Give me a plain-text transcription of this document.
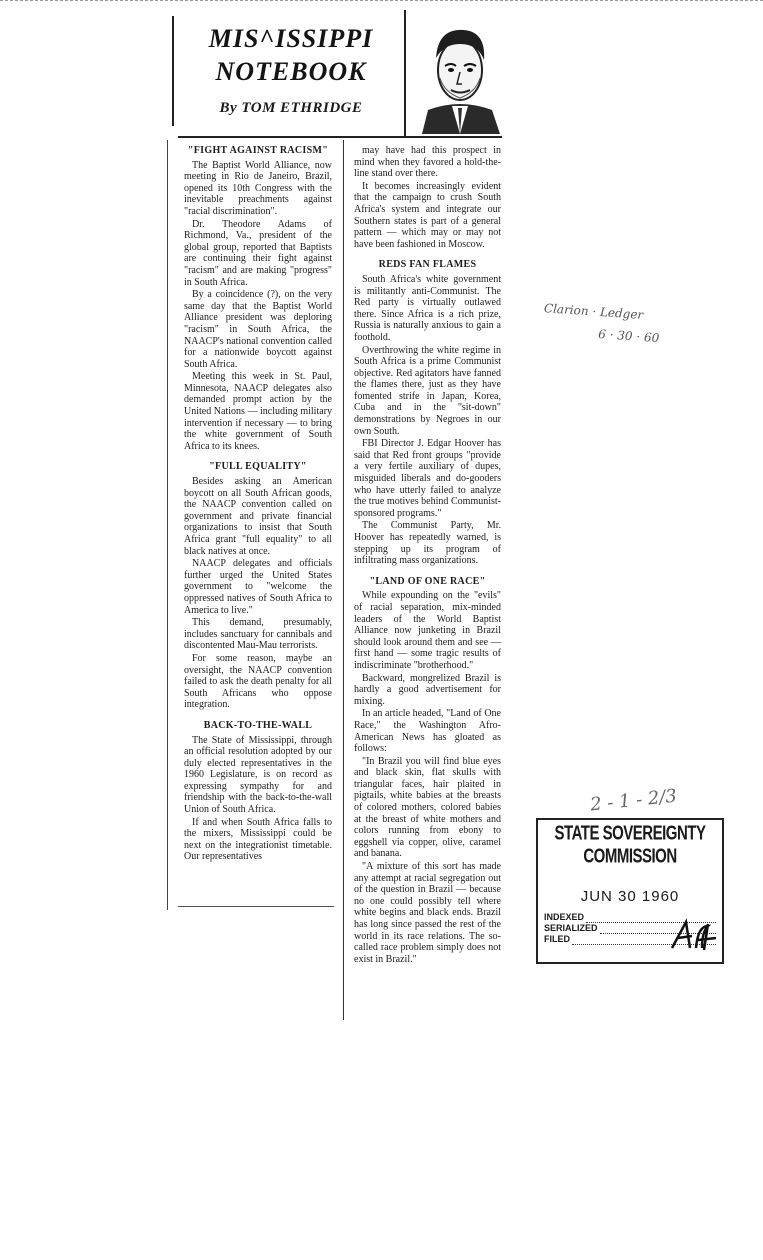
MIS^ISSIPPI
NOTEBOOK
By TOM ETHRIDGE
"FIGHT AGAINST RACISM"
The Baptist World Alliance, now meeting in Rio de Janeiro, Brazil, opened its 10th Congress with the inevitable preachments against "racial discrimination".
Dr. Theodore Adams of Richmond, Va., president of the global group, reported that Baptists are continuing their fight against "racism" and are making "progress" in South Africa.
By a coincidence (?), on the very same day that the Baptist World Alliance president was deploring "racism" in South Africa, the NAACP's national convention called for a nationwide boycott against South Africa.
Meeting this week in St. Paul, Minnesota, NAACP delegates also demanded prompt action by the United Nations — including military intervention if necessary — to bring the white government of South Africa to its knees.
"FULL EQUALITY"
Besides asking an American boycott on all South African goods, the NAACP convention called on government and private financial organizations to insist that South Africa grant "full equality" to all black natives at once.
NAACP delegates and officials further urged the United States government to "welcome the oppressed natives of South Africa to America to live."
This demand, presumably, includes sanctuary for cannibals and discontented Mau-Mau terrorists.
For some reason, maybe an oversight, the NAACP convention failed to ask the death penalty for all South Africans who oppose integration.
BACK-TO-THE-WALL
The State of Mississippi, through an official resolution adopted by our duly elected representatives in the 1960 Legislature, is on record as expressing sympathy for and friendship with the back-to-the-wall Union of South Africa.
If and when South Africa falls to the mixers, Mississippi could be next on the integrationist timetable. Our representatives
may have had this prospect in mind when they favored a hold-the-line stand over there.
It becomes increasingly evident that the campaign to crush South Africa's system and integrate our Southern states is part of a general pattern — which may or may not have been fashioned in Moscow.
REDS FAN FLAMES
South Africa's white government is militantly anti-Communist. The Red party is virtually outlawed there. Since Africa is a rich prize, Russia is naturally anxious to gain a foothold.
Overthrowing the white regime in South Africa is a prime Communist objective. Red agitators have fanned the flames there, just as they have fomented strife in Japan, Korea, Cuba and in the "sit-down" demonstrations by Negroes in our own South.
FBI Director J. Edgar Hoover has said that Red front groups "provide a very fertile auxiliary of dupes, misguided liberals and do-gooders who have utterly failed to analyze the true motives behind Communist-sponsored programs."
The Communist Party, Mr. Hoover has repeatedly warned, is stepping up its program of infiltrating mass organizations.
"LAND OF ONE RACE"
While expounding on the "evils" of racial separation, mix-minded leaders of the World Baptist Alliance now junketing in Brazil should look around them and see — first hand — some tragic results of indiscriminate "brotherhood."
Backward, mongrelized Brazil is hardly a good advertisement for mixing.
In an article headed, "Land of One Race," the Washington Afro-American News has gloated as follows:
"In Brazil you will find blue eyes and black skin, flat skulls with triangular faces, hair plaited in pigtails, white babies at the breasts of colored mothers, colored babies at the breast of white mothers and colors running from ebony to eggshell via copper, olive, caramel and banana.
"A mixture of this sort has made any attempt at racial segregation out of the question in Brazil — because no one could possibly tell where white begins and black ends. Brazil has long since passed the rest of the world in its race relations. The so-called race problem simply does not exist in Brazil."
Clarion · Ledger
6 · 30 · 60
2 - 1 - 2/3
STATE SOVEREIGNTY COMMISSION
JUN 30 1960
INDEXED
SERIALIZED
FILED
